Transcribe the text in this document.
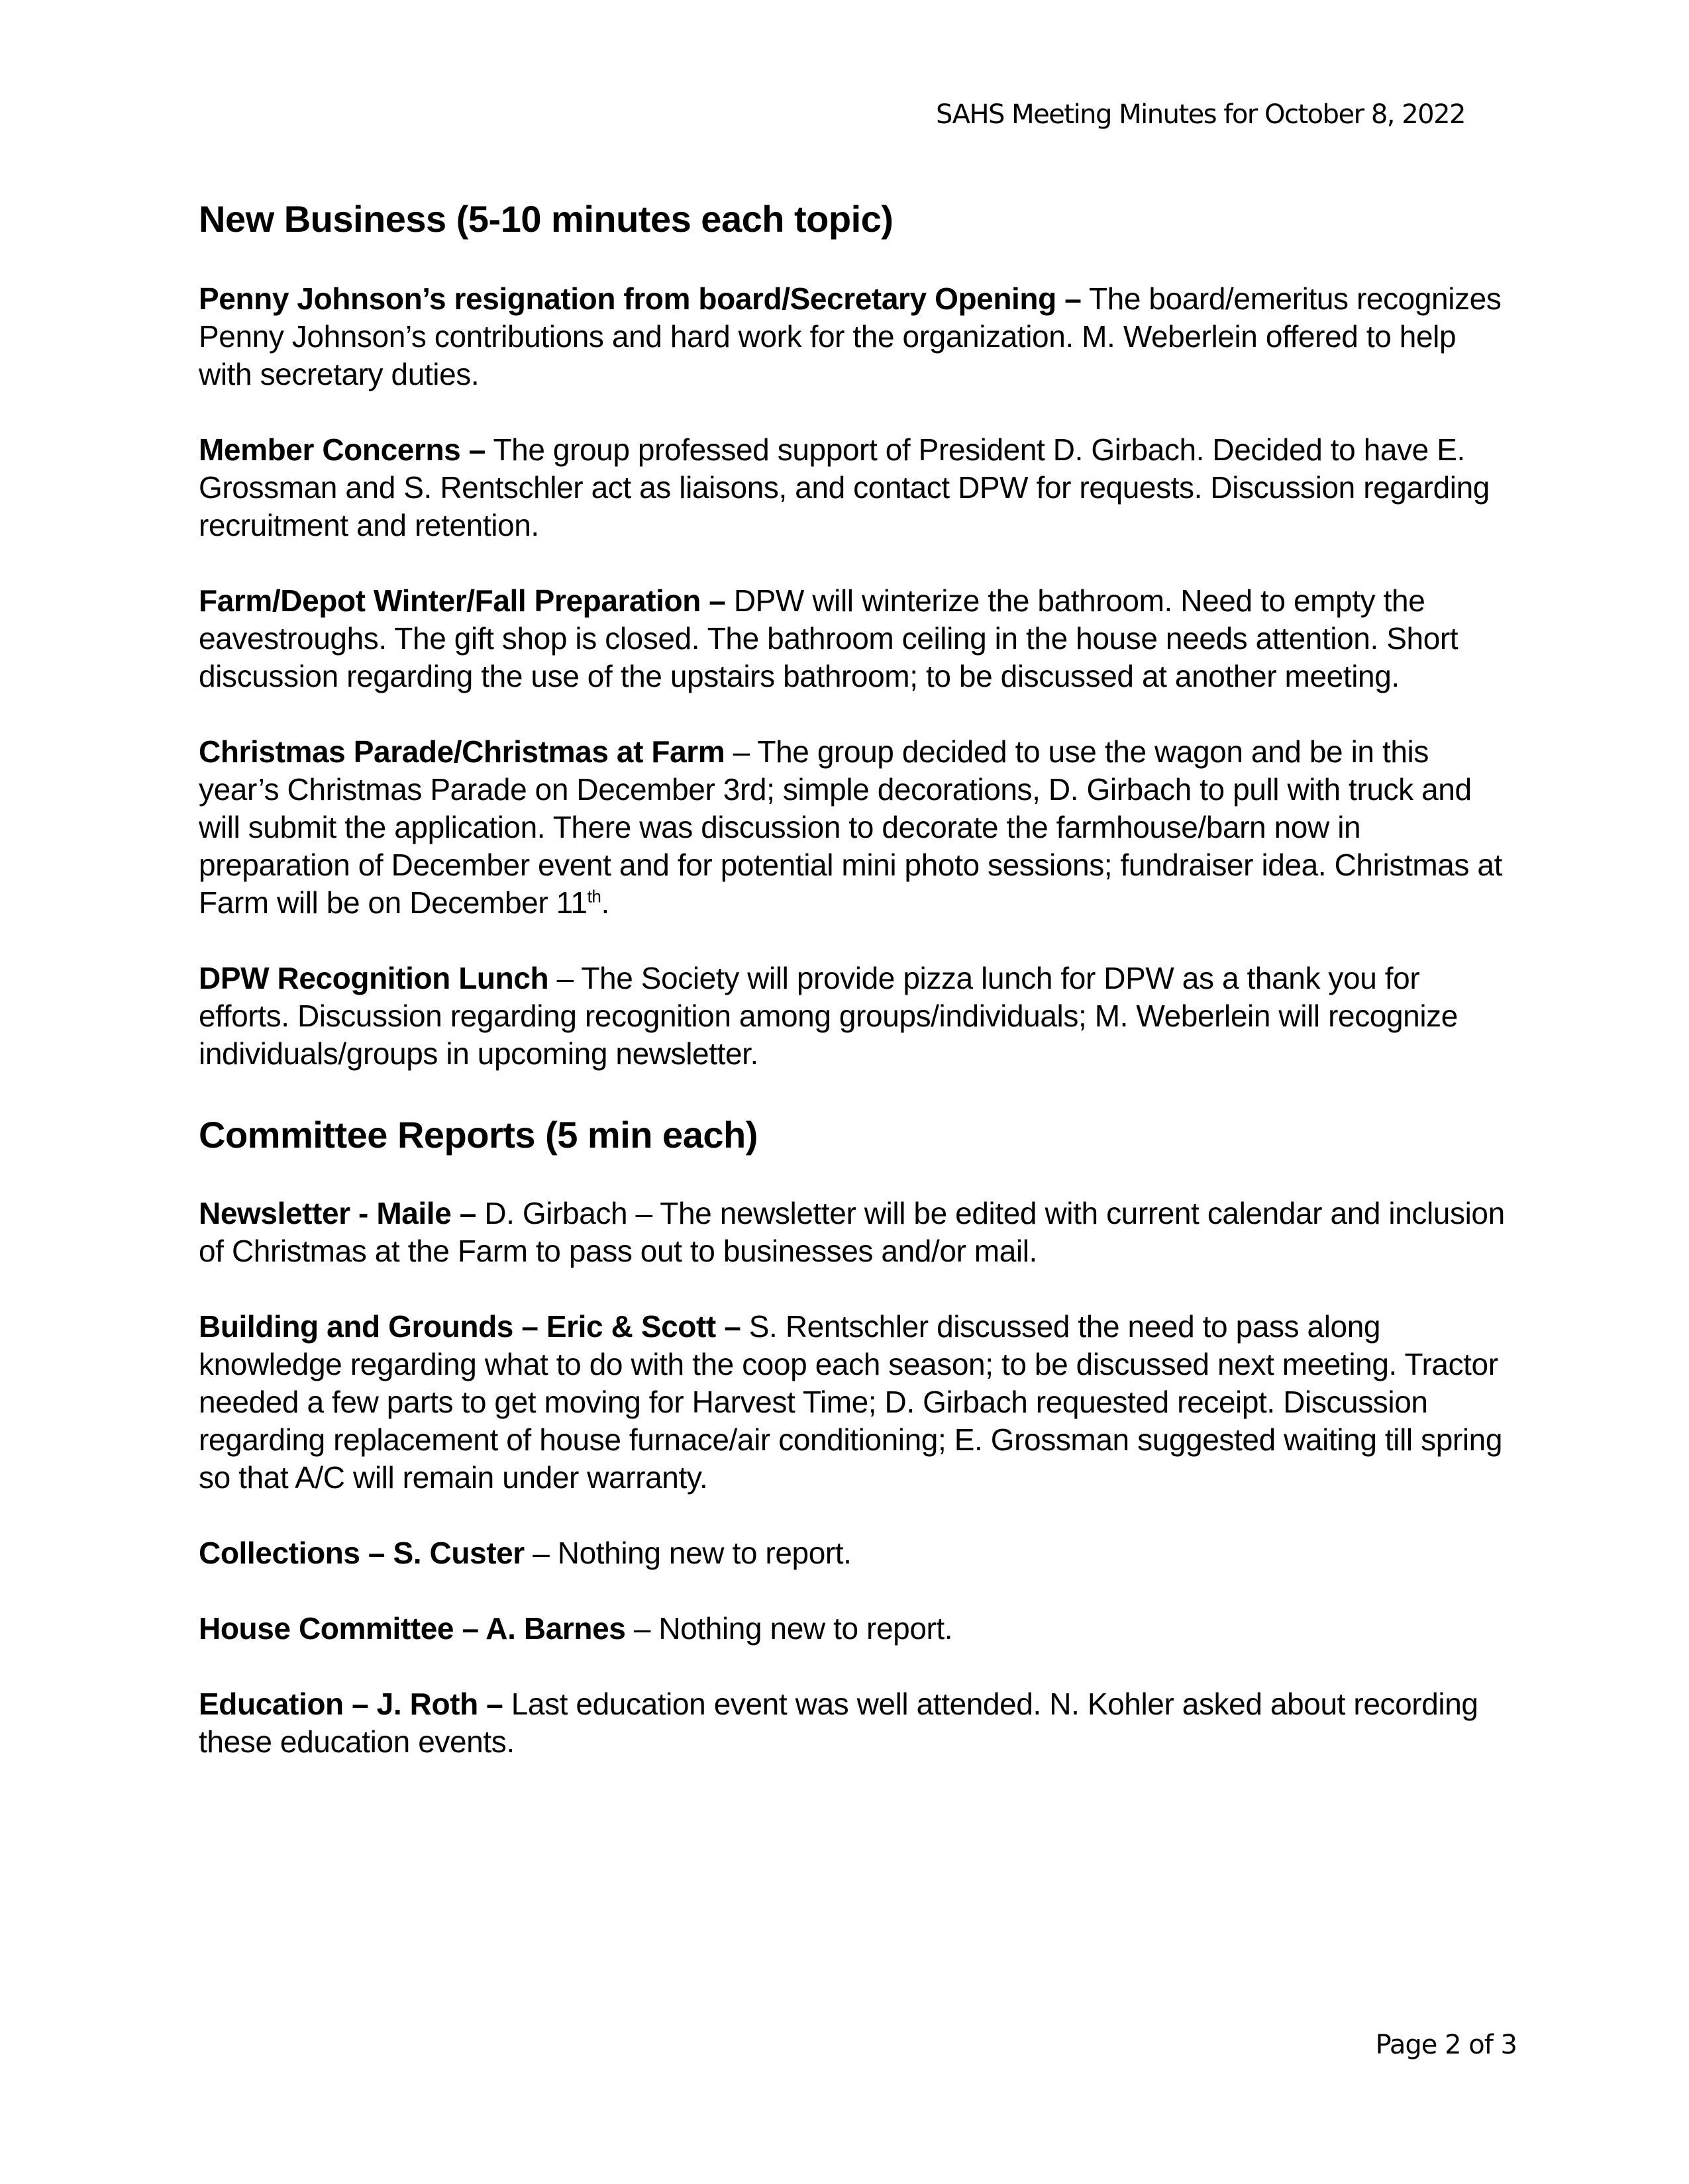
SAHS Meeting Minutes for October 8, 2022
New Business (5-10 minutes each topic)

Penny Johnson’s resignation from board/Secretary Opening – The board/emeritus recognizes Penny Johnson’s contributions and hard work for the organization. M. Weberlein offered to help with secretary duties.

Member Concerns – The group professed support of President D. Girbach. Decided to have E. Grossman and S. Rentschler act as liaisons, and contact DPW for requests. Discussion regarding recruitment and retention.

Farm/Depot Winter/Fall Preparation – DPW will winterize the bathroom. Need to empty the eavestroughs. The gift shop is closed. The bathroom ceiling in the house needs attention. Short discussion regarding the use of the upstairs bathroom; to be discussed at another meeting.

Christmas Parade/Christmas at Farm – The group decided to use the wagon and be in this year’s Christmas Parade on December 3rd; simple decorations, D. Girbach to pull with truck and will submit the application. There was discussion to decorate the farmhouse/barn now in preparation of December event and for potential mini photo sessions; fundraiser idea. Christmas at Farm will be on December 11th.

DPW Recognition Lunch – The Society will provide pizza lunch for DPW as a thank you for efforts. Discussion regarding recognition among groups/individuals; M. Weberlein will recognize individuals/groups in upcoming newsletter.

Committee Reports (5 min each)

Newsletter - Maile – D. Girbach – The newsletter will be edited with current calendar and inclusion of Christmas at the Farm to pass out to businesses and/or mail.

Building and Grounds – Eric & Scott – S. Rentschler discussed the need to pass along knowledge regarding what to do with the coop each season; to be discussed next meeting. Tractor needed a few parts to get moving for Harvest Time; D. Girbach requested receipt. Discussion regarding replacement of house furnace/air conditioning; E. Grossman suggested waiting till spring so that A/C will remain under warranty.

Collections – S. Custer – Nothing new to report.

House Committee – A. Barnes – Nothing new to report.

Education – J. Roth – Last education event was well attended. N. Kohler asked about recording these education events.

Page 2 of 3
